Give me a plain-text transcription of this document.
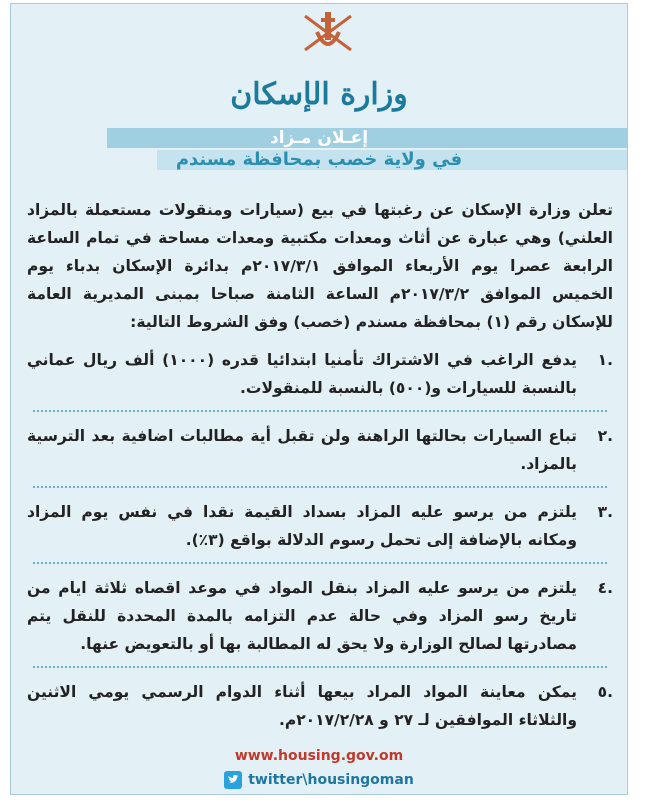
وزارة الإسكان
إعـلان مـزاد
في ولاية خصب بمحافظة مسندم

تعلن وزارة الإسكان عن رغبتها في بيع (سيارات ومنقولات مستعملة بالمزاد العلني) وهي عبارة عن أثاث ومعدات مكتبية ومعدات مساحة في تمام الساعة الرابعة عصرا يوم الأربعاء الموافق ٢٠١٧/٣/١م بدائرة الإسكان بدباء يوم الخميس الموافق ٢٠١٧/٣/٢م الساعة الثامنة صباحا بمبنى المديرية العامة للإسكان رقم (١) بمحافظة مسندم (خصب) وفق الشروط التالية:

.١
يدفع الراغب في الاشتراك تأمنيا ابتدائيا قدره (١٠٠٠) ألف ريال عماني بالنسبة للسيارات و(٥٠٠) بالنسبة للمنقولات.
.٢
تباع السيارات بحالتها الراهنة ولن تقبل أية مطالبات اضافية بعد الترسية بالمزاد.
.٣
يلتزم من يرسو عليه المزاد بسداد القيمة نقدا في نفس يوم المزاد ومكانه بالإضافة إلى تحمل رسوم الدلالة بواقع (٣٪).
.٤
يلتزم من يرسو عليه المزاد بنقل المواد في موعد اقصاه ثلاثة ايام من تاريخ رسو المزاد وفي حالة عدم التزامه بالمدة المحددة للنقل يتم مصادرتها لصالح الوزارة ولا يحق له المطالبة بها أو بالتعويض عنها.
.٥
يمكن معاينة المواد المراد بيعها أثناء الدوام الرسمي يومي الاثنين والثلاثاء الموافقين لـ ٢٧ و ٢٠١٧/٢/٢٨م.
www.housing.gov.om
twitter\housingoman
